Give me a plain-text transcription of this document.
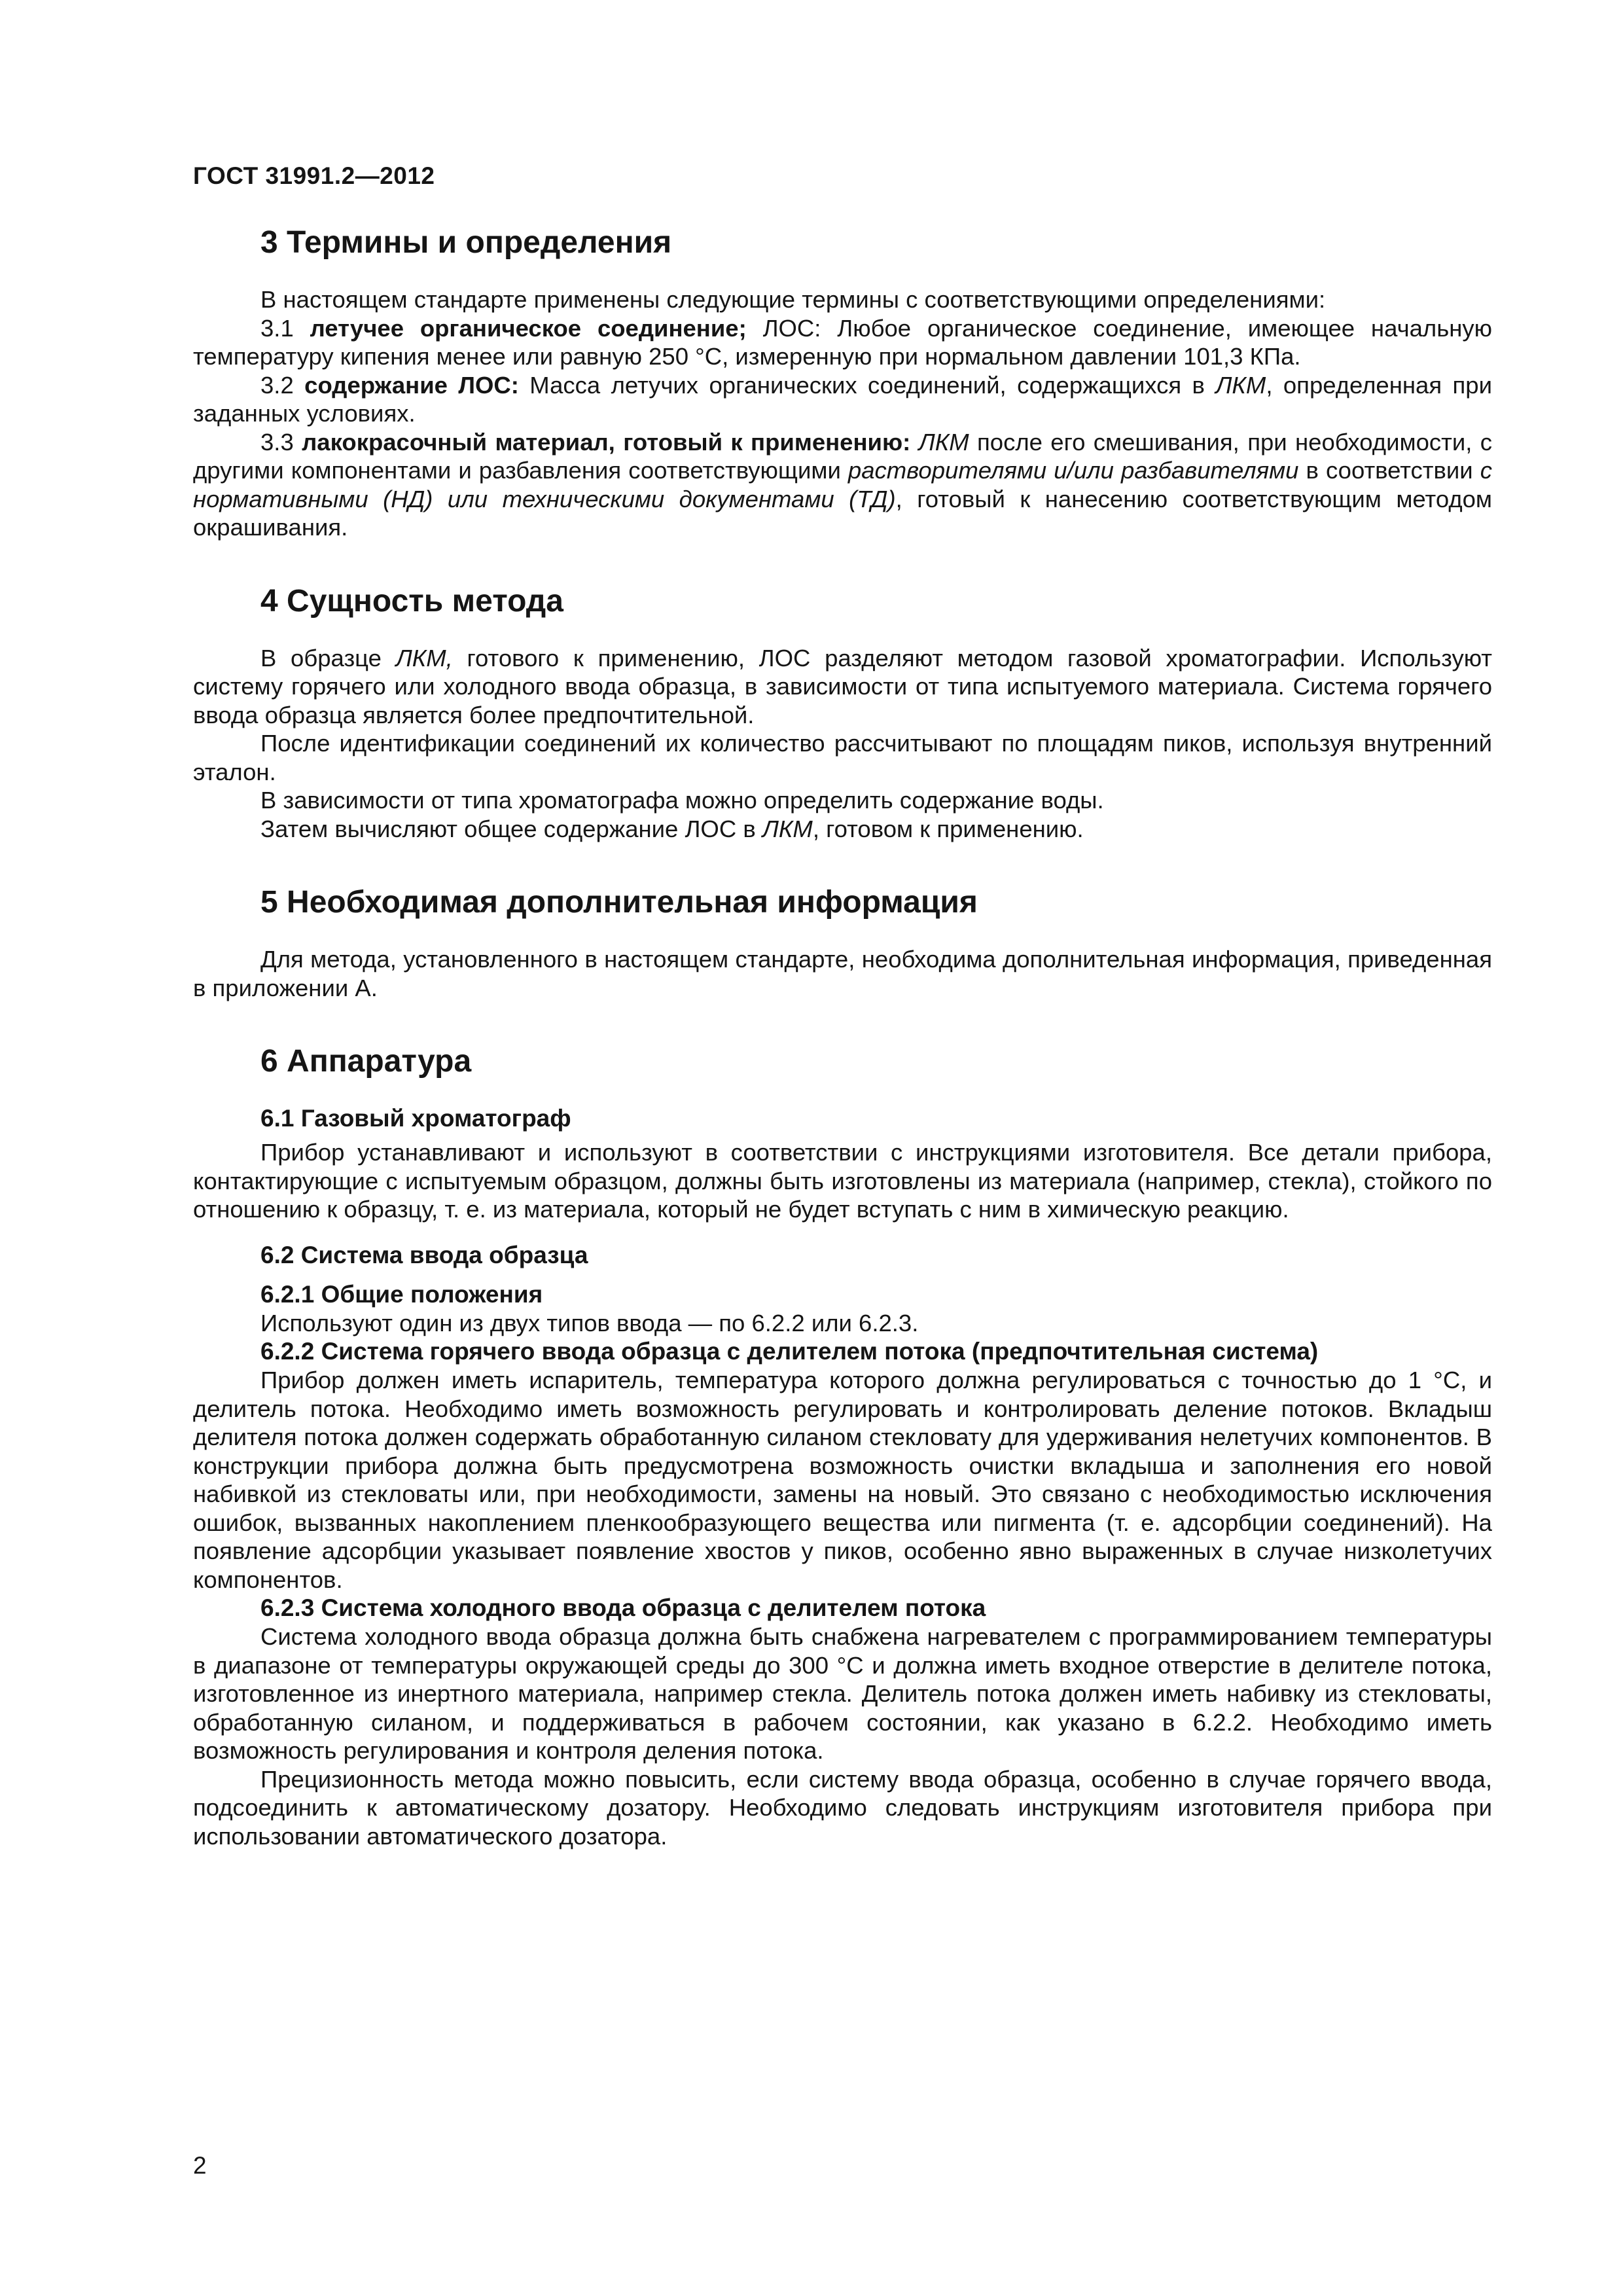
ГОСТ 31991.2—2012
3 Термины и определения

В настоящем стандарте применены следующие термины с соответствующими определениями:

3.1 летучее органическое соединение; ЛОС: Любое органическое соединение, имеющее начальную температуру кипения менее или равную 250 °С, измеренную при нормальном давлении 101,3 КПа.

3.2 содержание ЛОС: Масса летучих органических соединений, содержащихся в ЛКМ, определенная при заданных условиях.

3.3 лакокрасочный материал, готовый к применению: ЛКМ после его смешивания, при необходимости, с другими компонентами и разбавления соответствующими растворителями и/или разбавителями в соответствии с нормативными (НД) или техническими документами (ТД), готовый к нанесению соответствующим методом окрашивания.

4 Сущность метода

В образце ЛКМ, готового к применению, ЛОС разделяют методом газовой хроматографии. Используют систему горячего или холодного ввода образца, в зависимости от типа испытуемого материала. Система горячего ввода образца является более предпочтительной.

После идентификации соединений их количество рассчитывают по площадям пиков, используя внутренний эталон.

В зависимости от типа хроматографа можно определить содержание воды.

Затем вычисляют общее содержание ЛОС в ЛКМ, готовом к применению.

5 Необходимая дополнительная информация

Для метода, установленного в настоящем стандарте, необходима дополнительная информация, приведенная в приложении А.

6 Аппаратура
6.1 Газовый хроматограф

Прибор устанавливают и используют в соответствии с инструкциями изготовителя. Все детали прибора, контактирующие с испытуемым образцом, должны быть изготовлены из материала (например, стекла), стойкого по отношению к образцу, т. е. из материала, который не будет вступать с ним в химическую реакцию.

6.2 Система ввода образца
6.2.1 Общие положения

Используют один из двух типов ввода — по 6.2.2 или 6.2.3.

6.2.2 Система горячего ввода образца с делителем потока (предпочтительная система)

Прибор должен иметь испаритель, температура которого должна регулироваться с точностью до 1 °С, и делитель потока. Необходимо иметь возможность регулировать и контролировать деление потоков. Вкладыш делителя потока должен содержать обработанную силаном стекловату для удерживания нелетучих компонентов. В конструкции прибора должна быть предусмотрена возможность очистки вкладыша и заполнения его новой набивкой из стекловаты или, при необходимости, замены на новый. Это связано с необходимостью исключения ошибок, вызванных накоплением пленкообразующего вещества или пигмента (т. е. адсорбции соединений). На появление адсорбции указывает появление хвостов у пиков, особенно явно выраженных в случае низколетучих компонентов.

6.2.3 Система холодного ввода образца с делителем потока

Система холодного ввода образца должна быть снабжена нагревателем с программированием температуры в диапазоне от температуры окружающей среды до 300 °С и должна иметь входное отверстие в делителе потока, изготовленное из инертного материала, например стекла. Делитель потока должен иметь набивку из стекловаты, обработанную силаном, и поддерживаться в рабочем состоянии, как указано в 6.2.2. Необходимо иметь возможность регулирования и контроля деления потока.

Прецизионность метода можно повысить, если систему ввода образца, особенно в случае горячего ввода, подсоединить к автоматическому дозатору. Необходимо следовать инструкциям изготовителя прибора при использовании автоматического дозатора.

2
